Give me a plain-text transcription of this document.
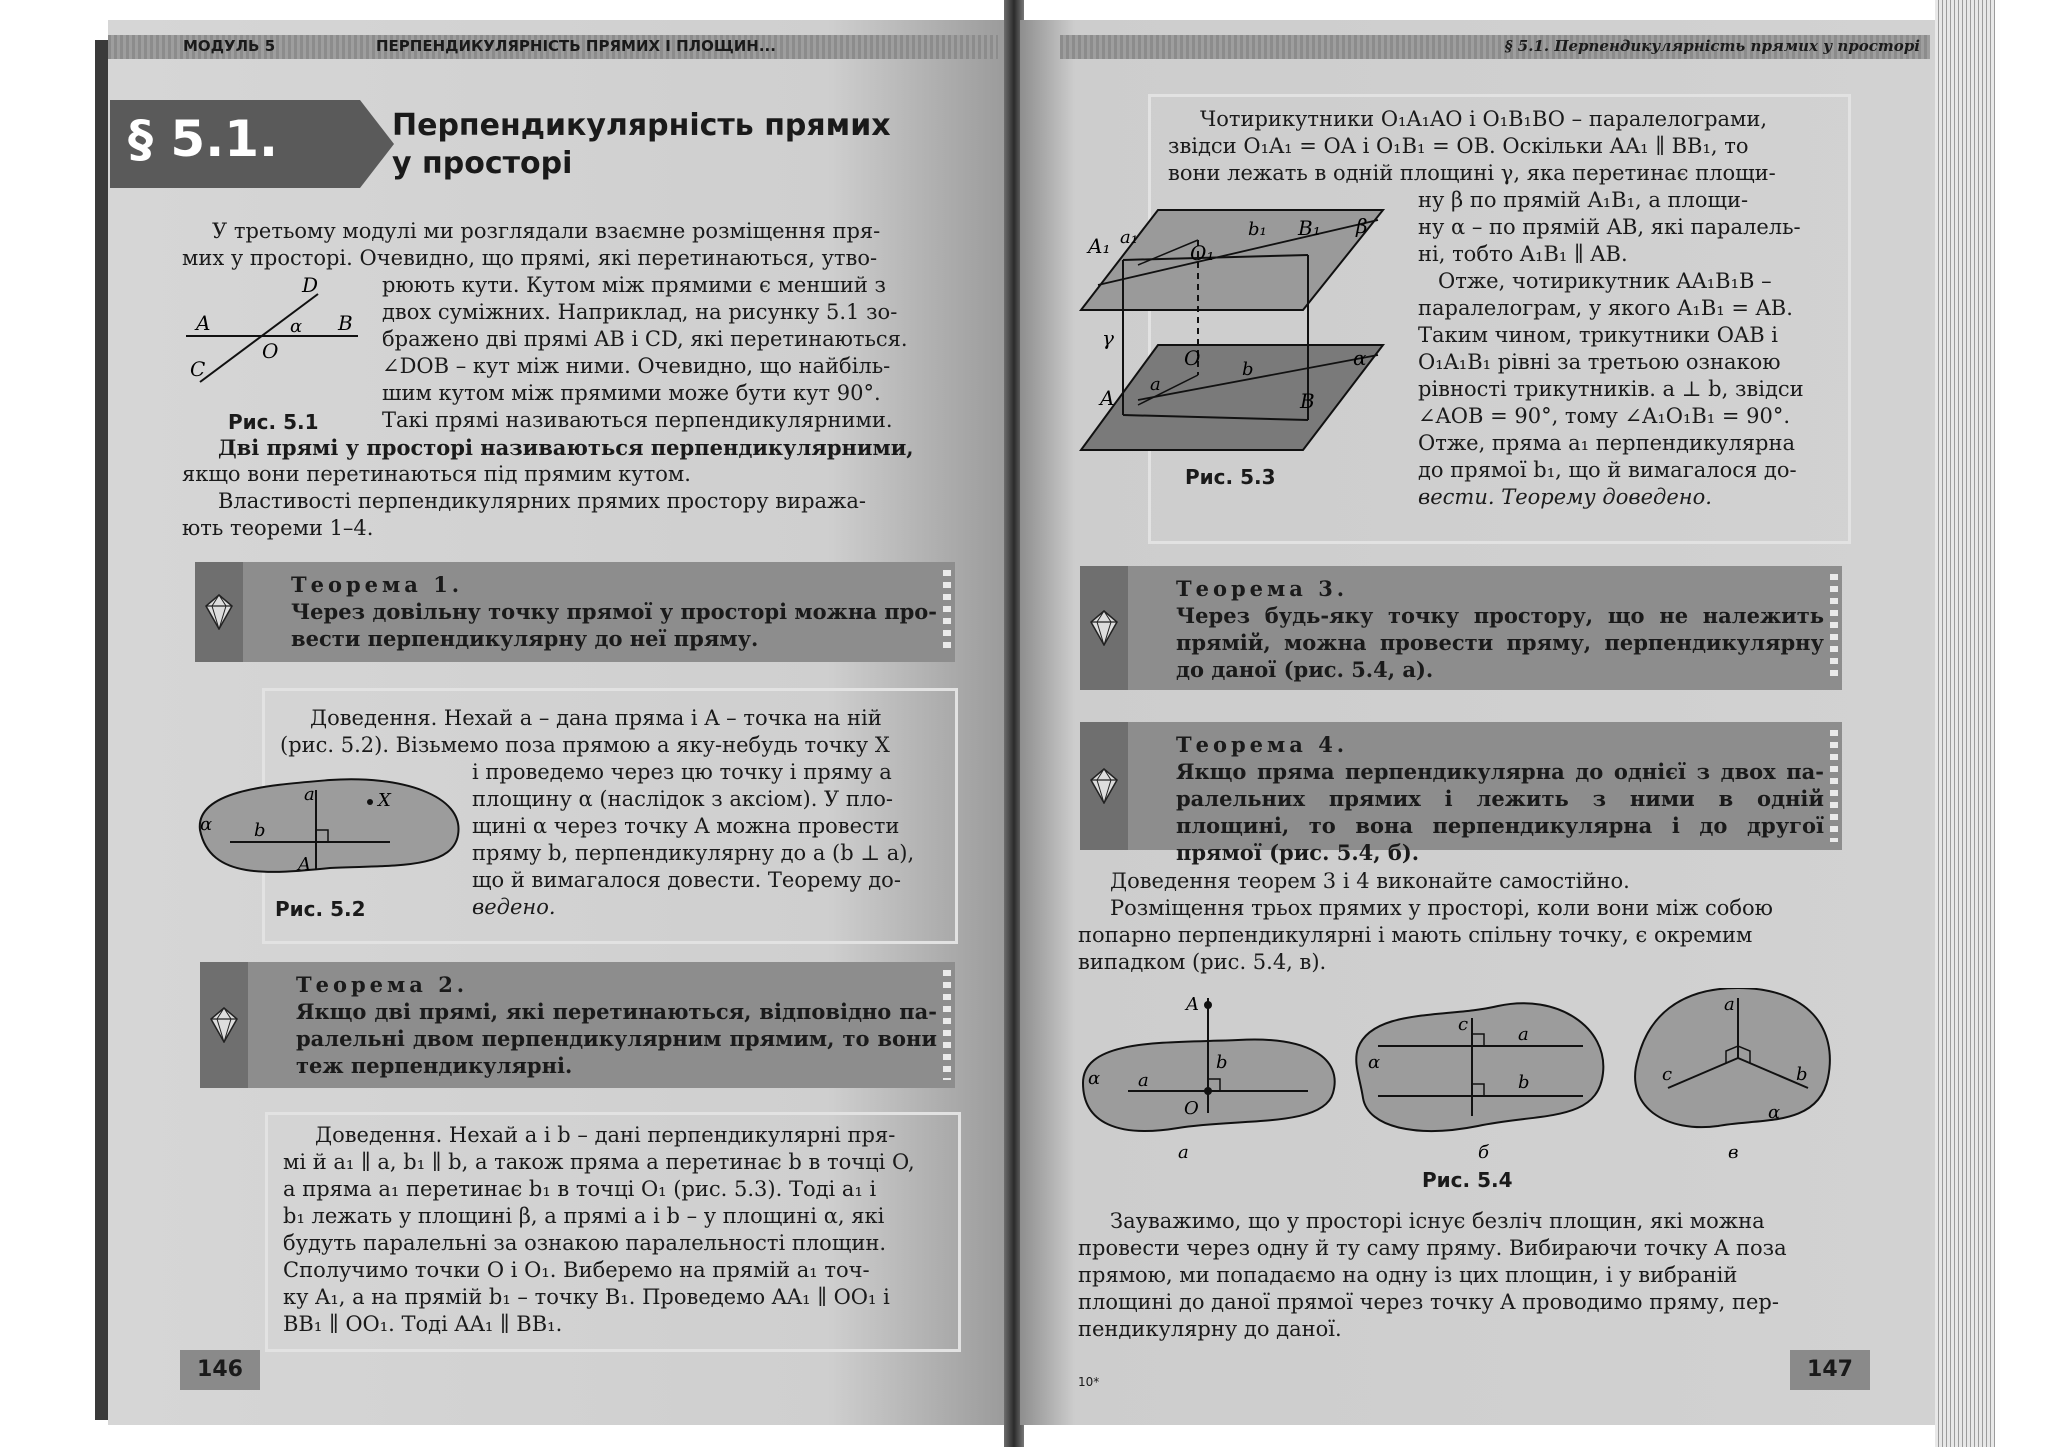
МОДУЛЬ 5	ПЕРПЕНДИКУЛЯРНІСТЬ ПРЯМИХ І ПЛОЩИН...
§ 5.1.	Перпендикулярність прямих
у просторі
У третьому модулі ми розглядали взаємне розміщення пря-
мих у просторі. Очевидно, що прямі, які перетинаються, утво-
рюють кути. Кутом між прямими є менший з
двох суміжних. Наприклад, на рисунку 5.1 зо-
бражено дві прямі AB і CD, які перетинаються.
∠DOB – кут між ними. Очевидно, що найбіль-
шим кутом між прямими може бути кут 90°.
Такі прямі називаються перпендикулярними.
A	B
C
D
O
α
Рис. 5.1
Дві прямі у просторі називаються перпендикулярними,
якщо вони перетинаються під прямим кутом.
Властивості перпендикулярних прямих простору виража-
ють теореми 1–4.
Теорема 1.
Через довільну точку прямої у просторі можна про- вести перпендикулярну до неї пряму.
Доведення. Нехай a – дана пряма і A – точка на ній
(рис. 5.2). Візьмемо поза прямою a яку-небудь точку X
і проведемо через цю точку і пряму a
площину α (наслідок з аксіом). У пло-
щині α через точку A можна провести
пряму b, перпендикулярну до a (b ⊥ a),
що й вимагалося довести. Теорему до-
ведено.
a
b
X
A
α
Рис. 5.2
Теорема 2.
Якщо дві прямі, які перетинаються, відповідно па- ралельні двом перпендикулярним прямим, то вони теж перпендикулярні.
Доведення. Нехай a і b – дані перпендикулярні пря-
мі й a₁ ∥ a, b₁ ∥ b, а також пряма a перетинає b в точці O,
а пряма a₁ перетинає b₁ в точці O₁ (рис. 5.3). Тоді a₁ і
b₁ лежать у площині β, а прямі a і b – у площині α, які
будуть паралельні за ознакою паралельності площин.
Сполучимо точки O і O₁. Виберемо на прямій a₁ точ-
ку A₁, а на прямій b₁ – точку B₁. Проведемо AA₁ ∥ OO₁ і
BB₁ ∥ OO₁. Тоді AA₁ ∥ BB₁.
146
§ 5.1. Перпендикулярність прямих у просторі
Чотирикутники O₁A₁AO і O₁B₁BO – паралелограми,
звідси O₁A₁ = OA і O₁B₁ = OB. Оскільки AA₁ ∥ BB₁, то
вони лежать в одній площині γ, яка перетинає площи-
ну β по прямій A₁B₁, а площи-
ну α – по прямій AB, які паралель-
ні, тобто A₁B₁ ∥ AB.
Отже, чотирикутник AA₁B₁B –
паралелограм, у якого A₁B₁ = AB.
Таким чином, трикутники OAB і
O₁A₁B₁ рівні за третьою ознакою
рівності трикутників. a ⊥ b, звідси
∠AOB = 90°, тому ∠A₁O₁B₁ = 90°.
Отже, пряма a₁ перпендикулярна
до прямої b₁, що й вимагалося до-
вести. Теорему доведено.
A₁ a₁
O₁
b₁ B₁ β
γ
O b
A
a
B
α
Рис. 5.3
Теорема 3.
Через будь-яку точку простору, що не належить прямій, можна провести пряму, перпендикулярну до даної (рис. 5.4, а).
Теорема 4.
Якщо пряма перпендикулярна до однієї з двох па- ралельних прямих і лежить з ними в одній площині, то вона перпендикулярна і до другої прямої (рис. 5.4, б).
Доведення теорем 3 і 4 виконайте самостійно.
Розміщення трьох прямих у просторі, коли вони між собою
попарно перпендикулярні і мають спільну точку, є окремим
випадком (рис. 5.4, в).
A
α a
b
O
а
α
c	a
b
б
a
c	b
α
в
Рис. 5.4
Зауважимо, що у просторі існує безліч площин, які можна
провести через одну й ту саму пряму. Вибираючи точку A поза
прямою, ми попадаємо на одну із цих площин, і у вибраній
площині до даної прямої через точку A проводимо пряму, пер-
пендикулярну до даної.
10*	147
